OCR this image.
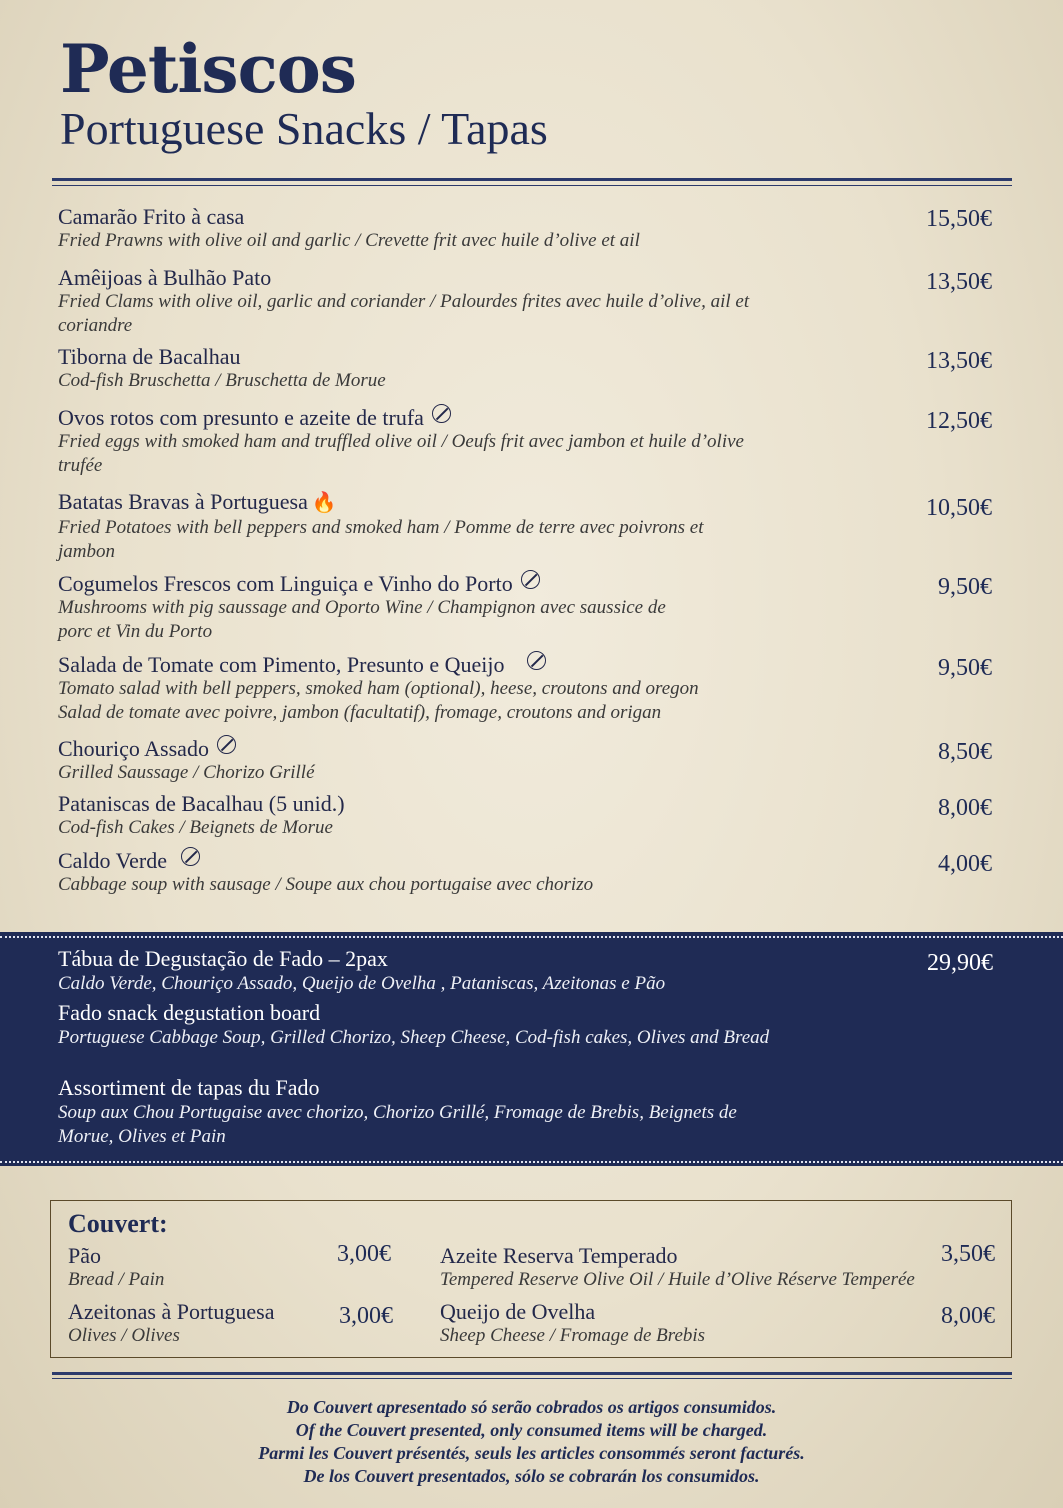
Petiscos
Portuguese Snacks / Tapas
Camarão Frito à casa
Fried Prawns with olive oil and garlic / Crevette frit avec huile d’olive et ail
15,50€
Amêijoas à Bulhão Pato
Fried Clams with olive oil, garlic and coriander / Palourdes frites avec huile d’olive, ail et coriandre
13,50€
Tiborna de Bacalhau
Cod-fish Bruschetta / Bruschetta de Morue
13,50€
Ovos rotos com presunto e azeite de trufa
Fried eggs with smoked ham and truffled olive oil / Oeufs frit avec jambon et huile d’olive trufée
12,50€
Batatas Bravas à Portuguesa 🔥
Fried Potatoes with bell peppers and smoked ham / Pomme de terre avec poivrons et jambon
10,50€
Cogumelos Frescos com Linguiça e Vinho do Porto
Mushrooms with pig saussage and Oporto Wine / Champignon avec saussice de porc et Vin du Porto
9,50€
Salada de Tomate com Pimento, Presunto e Queijo
Tomato salad with bell peppers, smoked ham (optional), heese, croutons and oregon
Salad de tomate avec poivre, jambon (facultatif), fromage, croutons and origan
9,50€
Chouriço Assado
Grilled Saussage / Chorizo Grillé
8,50€
Pataniscas de Bacalhau (5 unid.)
Cod-fish Cakes / Beignets de Morue
8,00€
Caldo Verde
Cabbage soup with sausage / Soupe aux chou portugaise avec chorizo
4,00€
Tábua de Degustação de Fado – 2pax
Caldo Verde, Chouriço Assado, Queijo de Ovelha , Pataniscas, Azeitonas e Pão
Fado snack degustation board
Portuguese Cabbage Soup, Grilled Chorizo, Sheep Cheese, Cod-fish cakes, Olives and Bread
Assortiment de tapas du Fado
Soup aux Chou Portugaise avec chorizo, Chorizo Grillé, Fromage de Brebis, Beignets de Morue, Olives et Pain
29,90€
Couvert:
Pão
Bread / Pain
3,00€
Azeitonas à Portuguesa
Olives / Olives
3,00€
Azeite Reserva Temperado
Tempered Reserve Olive Oil / Huile d’Olive Réserve Temperée
3,50€
Queijo de Ovelha
Sheep Cheese / Fromage de Brebis
8,00€
Do Couvert apresentado só serão cobrados os artigos consumidos.
Of the Couvert presented, only consumed items will be charged.
Parmi les Couvert présentés, seuls les articles consommés seront facturés.
De los Couvert presentados, sólo se cobrarán los consumidos.
